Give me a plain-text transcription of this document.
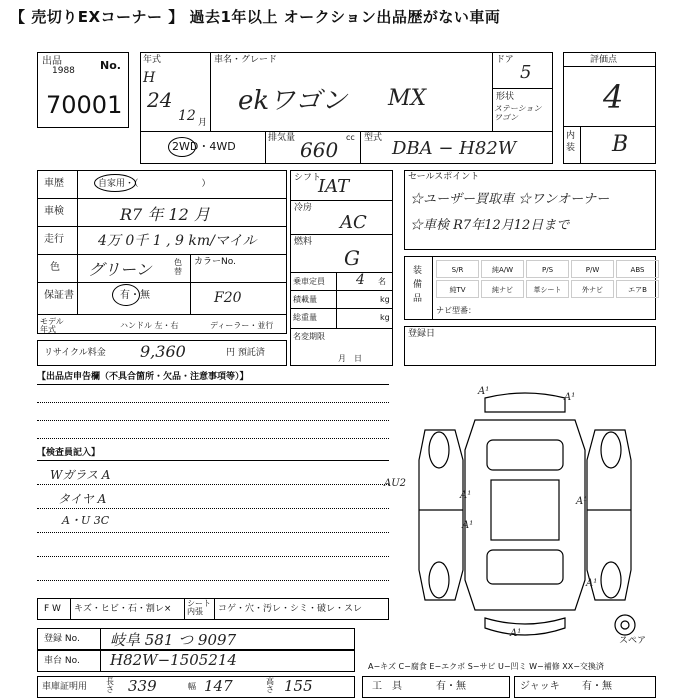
【 売切りEXコーナー 】 過去1年以上 オークション出品歴がない車両
出品
1988 No.
70001
年式
H
24
12 月
車名・グレード
ekワゴン MX
ドア
5
形状
ステーション ワゴン
2WD・4WD
排気量 660
cc 型式 DBA − H82W
評価点
4
内装 B
車歴	自家用・（　　　　　　　）
車検	R7 年 12 月
走行 4万 0千 1 , 9 km/マイル
色 グリーン	色替
カラーNo.
F20
保証書	有・無
モデル 年式	ハンドル 左・右	ディーラー・並行
リサイクル料金 9,360	円 預託済
シフト
IAT
冷房
AC
燃料
G
乗車定員 4 名
積載量	kg
総重量	kg
名変期限
月　日
セールスポイント
☆ユーザー買取車 ☆ワンオーナー
☆車検 R7年12月12日まで
装備品
ナビ型番：
登録日
【出品店申告欄（不具合箇所・欠品・注意事項等）】
【検査員記入】
Wガラス A
タイヤ A
A・U 3C
A¹
A¹
A¹
A¹
A¹
A¹
AU2
A¹
スペア
F W キズ・ヒビ・石・割レ×
シート 内張	コゲ・穴・汚レ・シミ・破レ・スレ
登録 No. 岐阜 581 つ 9097
車台 No. H82W−1505214	A−キズ C−腐食 E−エクボ S−サビ U−凹ミ W−補修 XX−交換済
車庫証明用
長さ 339	幅 147	高さ 155	工　具	有・無	ジャッキ 有・無
S/R	純A/W	P/S	P/W	ABS
純TV	純ナビ	革シート	外ナビ	エアB
